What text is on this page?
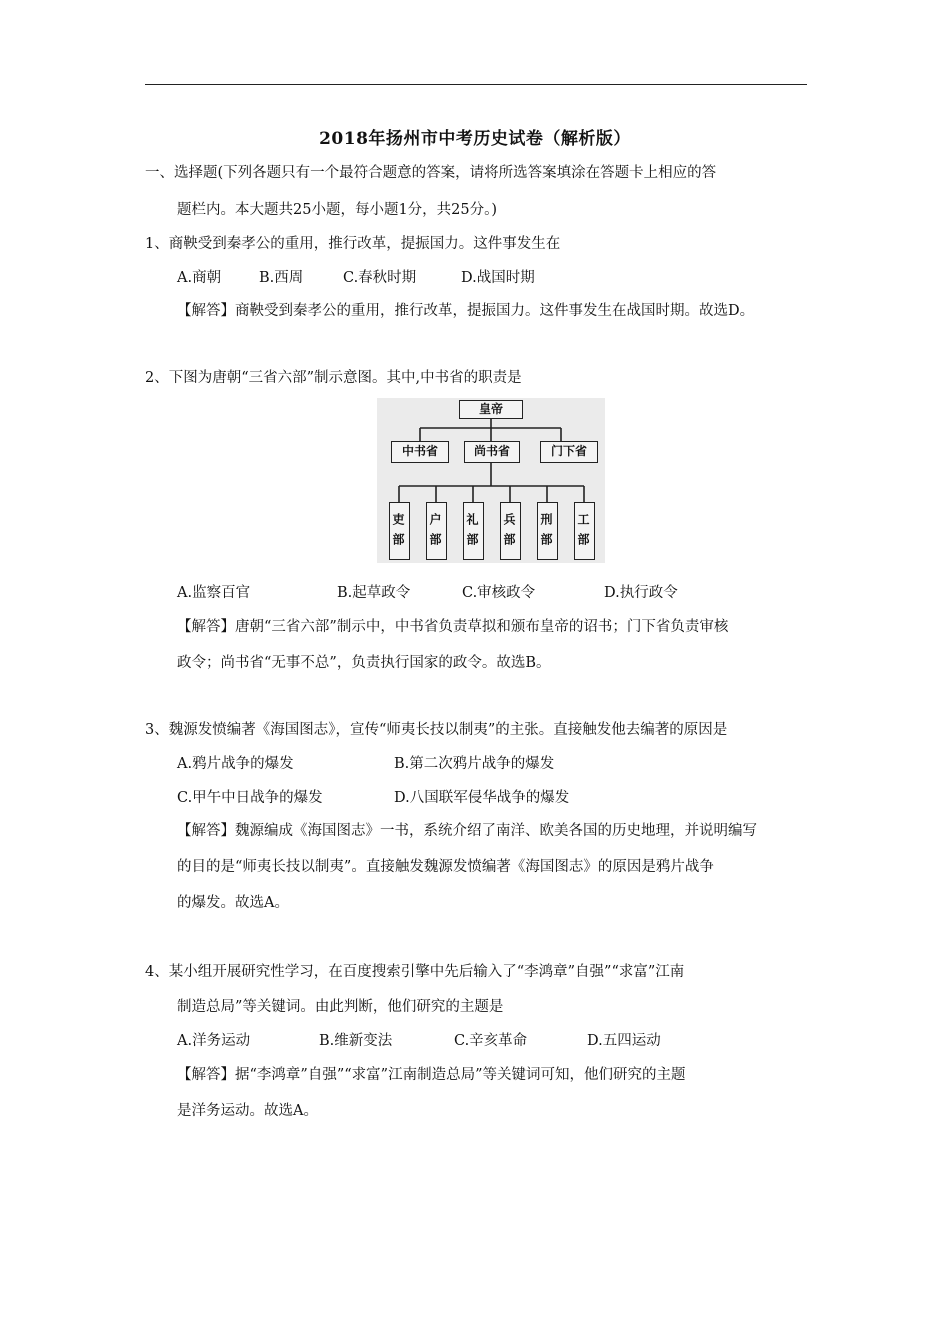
2018年扬州市中考历史试卷（解析版）
一、选择题(下列各题只有一个最符合题意的答案，请将所选答案填涂在答题卡上相应的答
题栏内。本大题共25小题，每小题1分，共25分。)
1、商鞅受到秦孝公的重用，推行改革，提振国力。这件事发生在
A.商朝	B.西周	C.春秋时期	D.战国时期
【解答】商鞅受到秦孝公的重用，推行改革，提振国力。这件事发生在战国时期。故选D。
2、下图为唐朝“三省六部”制示意图。其中,中书省的职责是
皇帝
中书省	尚书省	门下省
吏部	户部	礼部	兵部	刑部	工部
A.监察百官	B.起草政令	C.审核政令	D.执行政令
【解答】唐朝“三省六部”制示中，中书省负责草拟和颁布皇帝的诏书；门下省负责审核
政令；尚书省“无事不总”，负责执行国家的政令。故选B。
3、魏源发愤编著《海国图志》，宣传“师夷长技以制夷”的主张。直接触发他去编著的原因是
A.鸦片战争的爆发	B.第二次鸦片战争的爆发
C.甲午中日战争的爆发	D.八国联军侵华战争的爆发
【解答】魏源编成《海国图志》一书，系统介绍了南洋、欧美各国的历史地理，并说明编写
的目的是“师夷长技以制夷”。直接触发魏源发愤编著《海国图志》的原因是鸦片战争
的爆发。故选A。
4、某小组开展研究性学习，在百度搜索引擎中先后输入了“李鸿章”自强”“求富”江南
制造总局”等关键词。由此判断，他们研究的主题是
A.洋务运动	B.维新变法	C.辛亥革命	D.五四运动
【解答】据“李鸿章”自强”“求富”江南制造总局”等关键词可知，他们研究的主题
是洋务运动。故选A。
